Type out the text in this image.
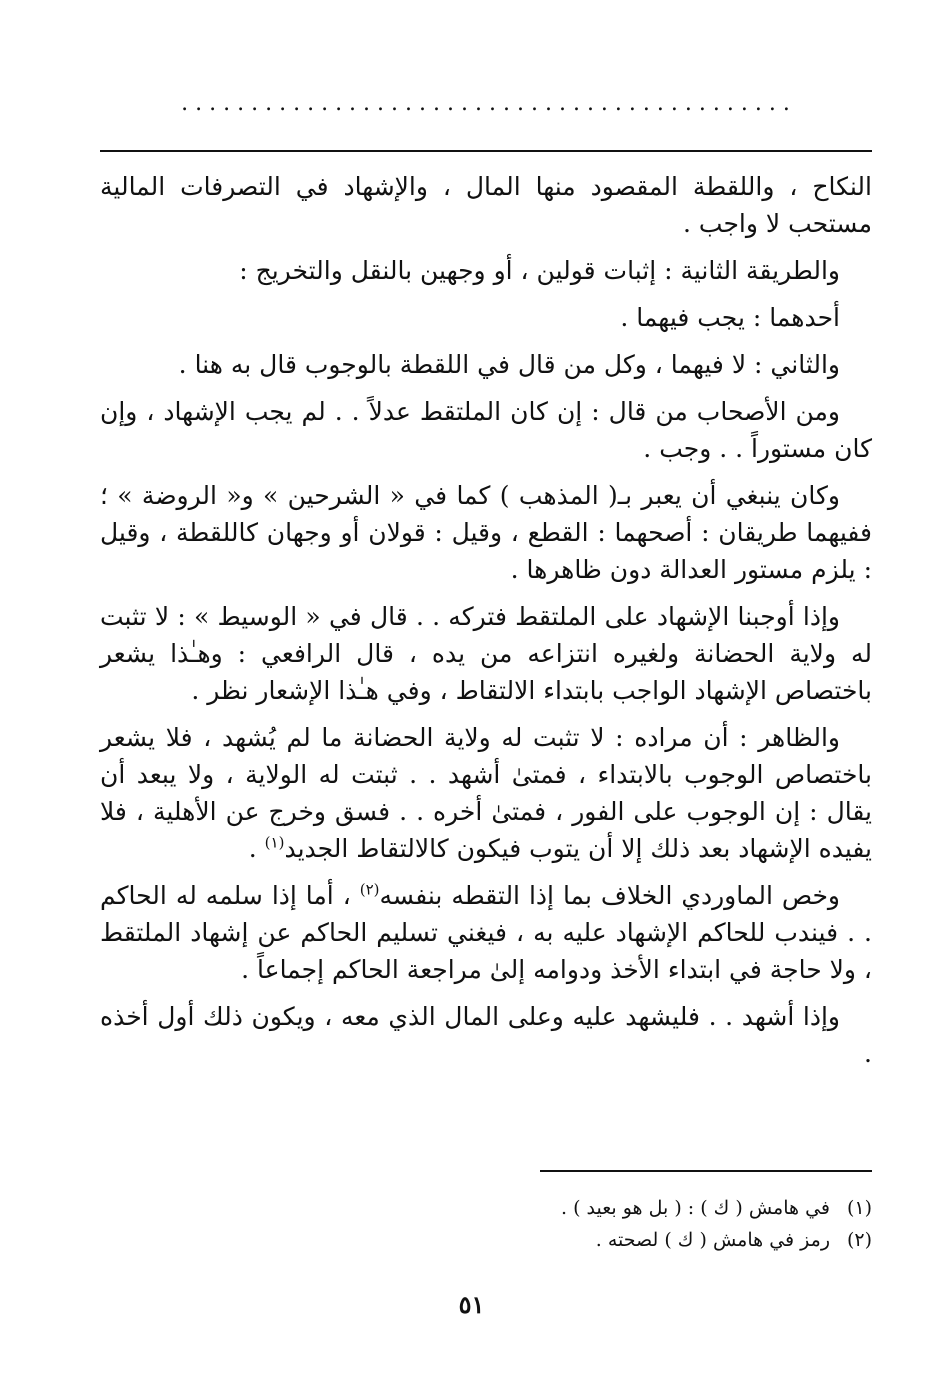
............................................

النكاح ، واللقطة المقصود منها المال ، والإشهاد في التصرفات المالية مستحب لا واجب .

والطريقة الثانية : إثبات قولين ، أو وجهين بالنقل والتخريج :

أحدهما : يجب فيهما .

والثاني : لا فيهما ، وكل من قال في اللقطة بالوجوب قال به هنا .

ومن الأصحاب من قال : إن كان الملتقط عدلاً . . لم يجب الإشهاد ، وإن كان مستوراً . . وجب .

وكان ينبغي أن يعبر بـ( المذهب ) كما في « الشرحين » و« الروضة » ؛ ففيهما طريقان : أصحهما : القطع ، وقيل : قولان أو وجهان كاللقطة ، وقيل : يلزم مستور العدالة دون ظاهرها .

وإذا أوجبنا الإشهاد على الملتقط فتركه . . قال في « الوسيط » : لا تثبت له ولاية الحضانة ولغيره انتزاعه من يده ، قال الرافعي : وهـٰذا يشعر باختصاص الإشهاد الواجب بابتداء الالتقاط ، وفي هـٰذا الإشعار نظر .

والظاهر : أن مراده : لا تثبت له ولاية الحضانة ما لم يُشهد ، فلا يشعر باختصاص الوجوب بالابتداء ، فمتىٰ أشهد . . ثبتت له الولاية ، ولا يبعد أن يقال : إن الوجوب على الفور ، فمتىٰ أخره . . فسق وخرج عن الأهلية ، فلا يفيده الإشهاد بعد ذلك إلا أن يتوب فيكون كالالتقاط الجديد$^{(١)}$ .

وخص الماوردي الخلاف بما إذا التقطه بنفسه$^{(٢)}$ ، أما إذا سلمه له الحاكم . . فيندب للحاكم الإشهاد عليه به ، فيغني تسليم الحاكم عن إشهاد الملتقط ، ولا حاجة في ابتداء الأخذ ودوامه إلىٰ مراجعة الحاكم إجماعاً .

وإذا أشهد . . فليشهد عليه وعلى المال الذي معه ، ويكون ذلك أول أخذه .

(١)في هامش ( ك ) : ( بل هو بعيد ) .
(٢)رمز في هامش ( ك ) لصحته .
٥١
